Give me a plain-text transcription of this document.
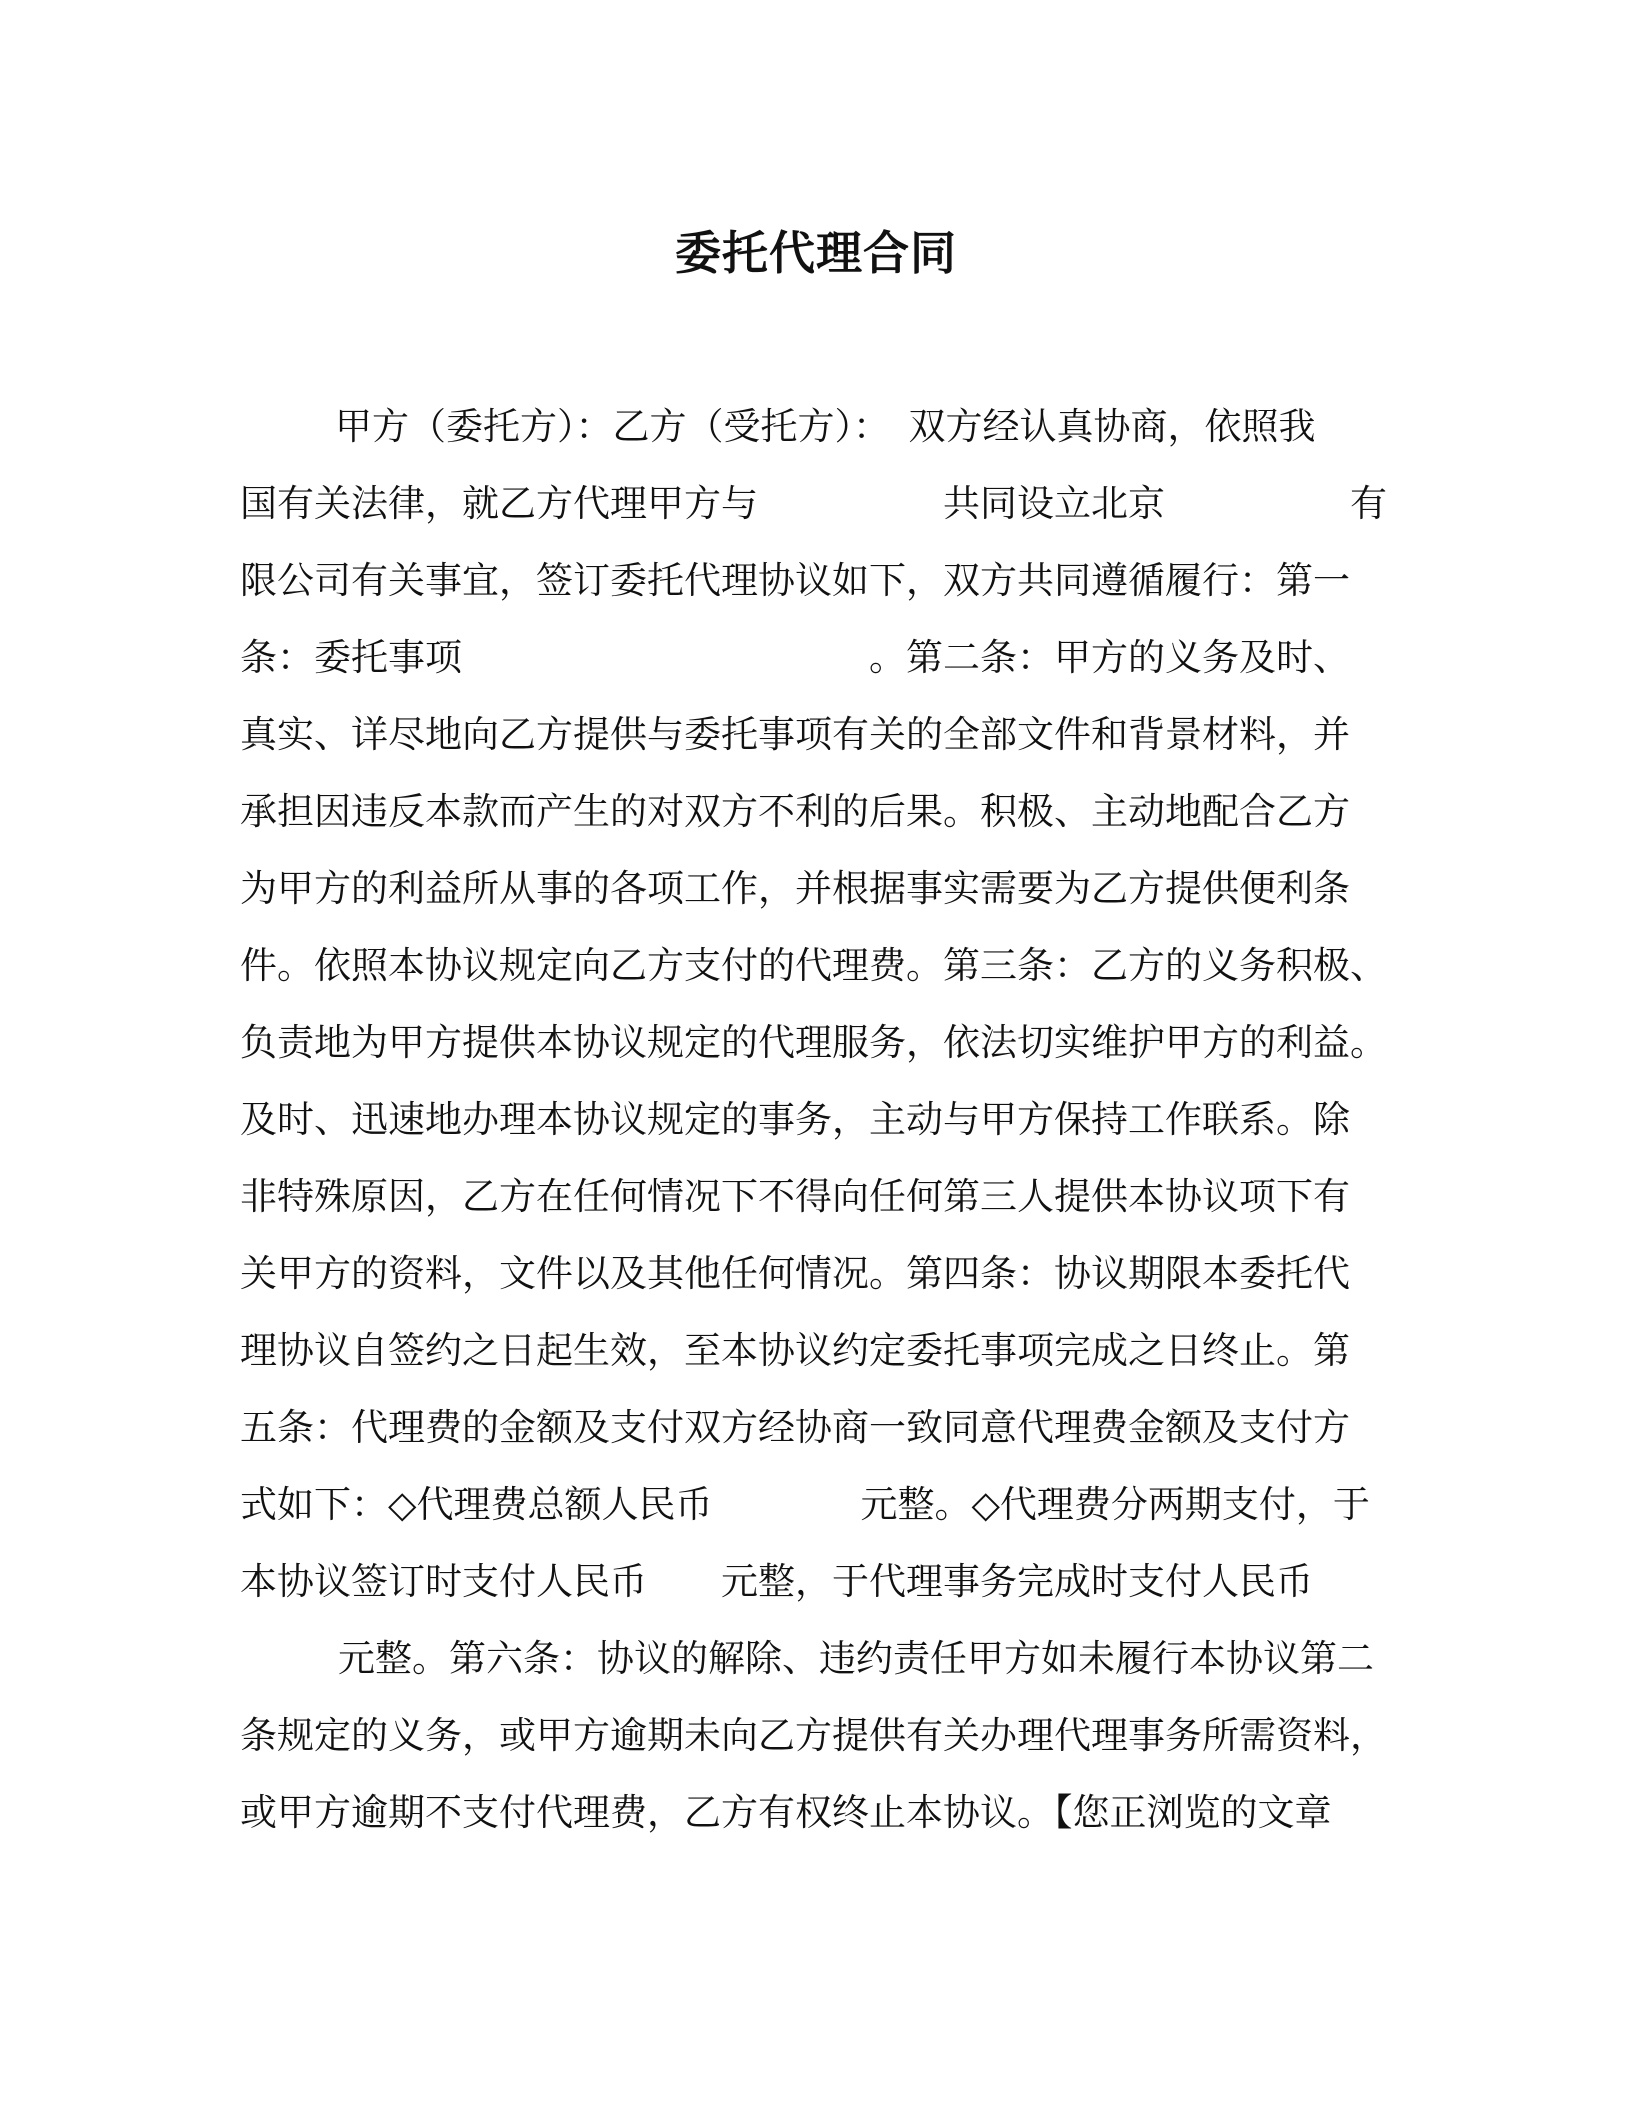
委托代理合同
甲方（委托方）：乙方（受托方）：　双方经认真协商，依照我
国有关法律，就乙方代理甲方与　　　　　共同设立北京　　　　　有
限公司有关事宜，签订委托代理协议如下，双方共同遵循履行：第一
条：委托事项　　　　　　　　　　　。第二条：甲方的义务及时、
真实、详尽地向乙方提供与委托事项有关的全部文件和背景材料，并
承担因违反本款而产生的对双方不利的后果。积极、主动地配合乙方
为甲方的利益所从事的各项工作，并根据事实需要为乙方提供便利条
件。依照本协议规定向乙方支付的代理费。第三条：乙方的义务积极、
负责地为甲方提供本协议规定的代理服务，依法切实维护甲方的利益。
及时、迅速地办理本协议规定的事务，主动与甲方保持工作联系。除
非特殊原因，乙方在任何情况下不得向任何第三人提供本协议项下有
关甲方的资料，文件以及其他任何情况。第四条：协议期限本委托代
理协议自签约之日起生效，至本协议约定委托事项完成之日终止。第
五条：代理费的金额及支付双方经协商一致同意代理费金额及支付方
式如下：◇代理费总额人民币　　　　元整。◇代理费分两期支付，于
本协议签订时支付人民币　　元整，于代理事务完成时支付人民币
元整。第六条：协议的解除、违约责任甲方如未履行本协议第二
条规定的义务，或甲方逾期未向乙方提供有关办理代理事务所需资料，
或甲方逾期不支付代理费，乙方有权终止本协议。【您正浏览的文章
